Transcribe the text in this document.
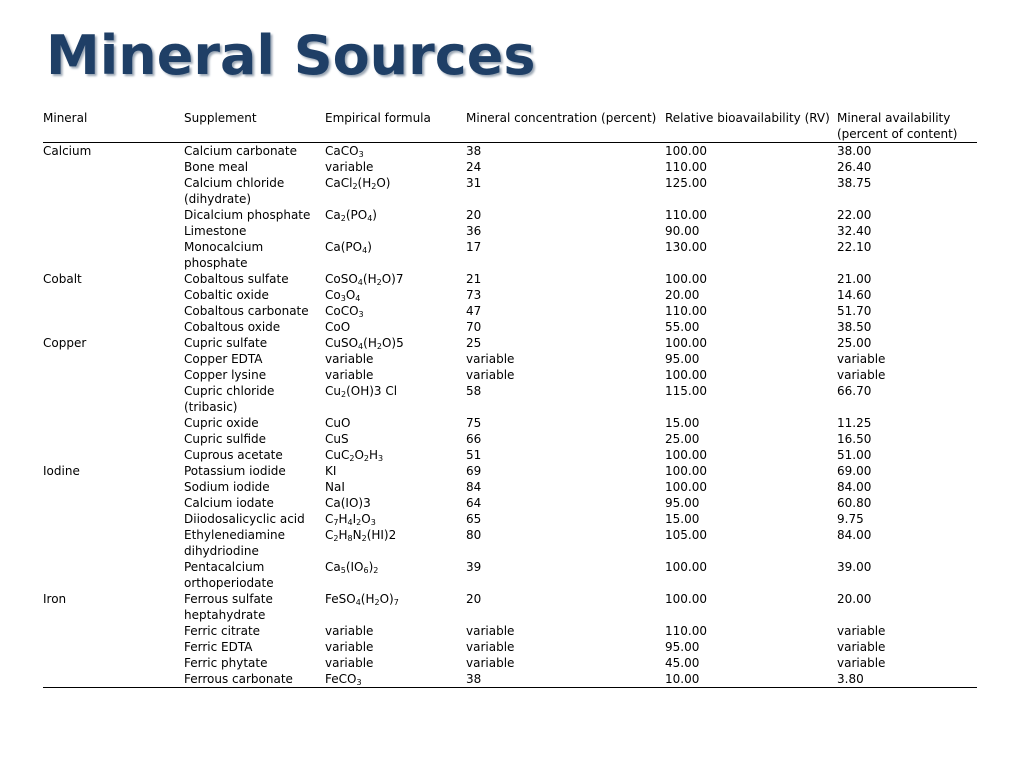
Mineral Sources
Mineral	Supplement	Empirical formula	Mineral concentration (percent)	Relative bioavailability (RV)	Mineral availability (percent of content)
Calcium	Calcium carbonate	CaCO$_3$	38	100.00	38.00
	Bone meal	variable	24	110.00	26.40
	Calcium chloride (dihydrate)	$CaCl_2(H_2O)$	31	125.00	38.75
	Dicalcium phosphate	$Ca_2(PO_4)$	20	110.00	22.00
	Limestone		36	90.00	32.40
	Monocalcium phosphate	$Ca(PO_4)$	17	130.00	22.10
Cobalt	Cobaltous sulfate	$CoSO_4(H_2O)7$	21	100.00	21.00
	Cobaltic oxide	$Co_3O_4$	73	20.00	14.60
	Cobaltous carbonate	CoCO$_3$	47	110.00	51.70
	Cobaltous oxide	CoO	70	55.00	38.50
Copper	Cupric sulfate	$CuSO_4(H_2O)5$	25	100.00	25.00
	Copper EDTA	variable	variable	95.00	variable
	Copper lysine	variable	variable	100.00	variable
	Cupric chloride (tribasic)	$Cu_2(OH)3$ Cl	58	115.00	66.70
	Cupric oxide	CuO	75	15.00	11.25
	Cupric sulfide	CuS	66	25.00	16.50
	Cuprous acetate	$CuC_2O_2H_3$	51	100.00	51.00
Iodine	Potassium iodide	KI	69	100.00	69.00
	Sodium iodide	NaI	84	100.00	84.00
	Calcium iodate	Ca(IO)3	64	95.00	60.80
	Diiodosalicyclic acid	$C_7H_4I_2O_3$	65	15.00	9.75
	Ethylenediamine dihydriodine	$C_2H_8N_2(HI)2$	80	105.00	84.00
	Pentacalcium orthoperiodate	$Ca_5(IO_6)_2$	39	100.00	39.00
Iron	Ferrous sulfate heptahydrate	$FeSO_4(H_2O)_7$	20	100.00	20.00
	Ferric citrate	variable	variable	110.00	variable
	Ferric EDTA	variable	variable	95.00	variable
	Ferric phytate	variable	variable	45.00	variable
	Ferrous carbonate	FeCO$_3$	38	10.00	3.80
